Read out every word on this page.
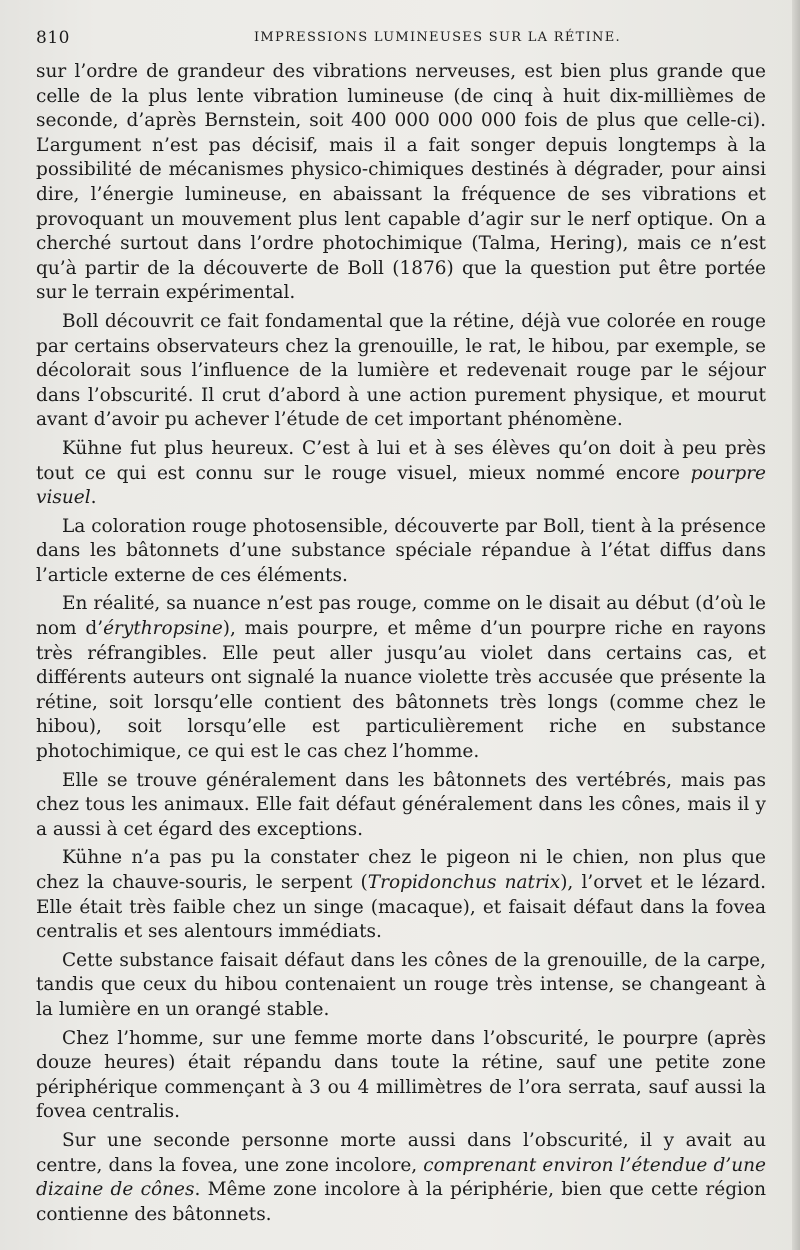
810	IMPRESSIONS LUMINEUSES SUR LA RÉTINE.

sur l’ordre de grandeur des vibrations nerveuses, est bien plus grande que celle de la plus lente vibration lumineuse (de cinq à huit dix-millièmes de seconde, d’après Bernstein, soit 400 000 000 000 fois de plus que celle-ci). L’argument n’est pas décisif, mais il a fait songer depuis longtemps à la possibilité de mécanismes physico-chimiques destinés à dégrader, pour ainsi dire, l’énergie lumineuse, en abaissant la fréquence de ses vibrations et provoquant un mouvement plus lent capable d’agir sur le nerf optique. On a cherché surtout dans l’ordre photochimique (Talma, Hering), mais ce n’est qu’à partir de la découverte de Boll (1876) que la question put être portée sur le terrain expérimental.

Boll découvrit ce fait fondamental que la rétine, déjà vue colorée en rouge par certains observateurs chez la grenouille, le rat, le hibou, par exemple, se décolorait sous l’influence de la lumière et redevenait rouge par le séjour dans l’obscurité. Il crut d’abord à une action purement physique, et mourut avant d’avoir pu achever l’étude de cet important phénomène.

Kühne fut plus heureux. C’est à lui et à ses élèves qu’on doit à peu près tout ce qui est connu sur le rouge visuel, mieux nommé encore pourpre visuel.

La coloration rouge photosensible, découverte par Boll, tient à la présence dans les bâtonnets d’une substance spéciale répandue à l’état diffus dans l’article externe de ces éléments.

En réalité, sa nuance n’est pas rouge, comme on le disait au début (d’où le nom d’érythropsine), mais pourpre, et même d’un pourpre riche en rayons très réfrangibles. Elle peut aller jusqu’au violet dans certains cas, et différents auteurs ont signalé la nuance violette très accusée que présente la rétine, soit lorsqu’elle contient des bâtonnets très longs (comme chez le hibou), soit lorsqu’elle est particulièrement riche en substance photochimique, ce qui est le cas chez l’homme.

Elle se trouve généralement dans les bâtonnets des vertébrés, mais pas chez tous les animaux. Elle fait défaut généralement dans les cônes, mais il y a aussi à cet égard des exceptions.

Kühne n’a pas pu la constater chez le pigeon ni le chien, non plus que chez la chauve-souris, le serpent (Tropidonchus natrix), l’orvet et le lézard. Elle était très faible chez un singe (macaque), et faisait défaut dans la fovea centralis et ses alentours immédiats.

Cette substance faisait défaut dans les cônes de la grenouille, de la carpe, tandis que ceux du hibou contenaient un rouge très intense, se changeant à la lumière en un orangé stable.

Chez l’homme, sur une femme morte dans l’obscurité, le pourpre (après douze heures) était répandu dans toute la rétine, sauf une petite zone périphérique commençant à 3 ou 4 millimètres de l’ora serrata, sauf aussi la fovea centralis.

Sur une seconde personne morte aussi dans l’obscurité, il y avait au centre, dans la fovea, une zone incolore, comprenant environ l’étendue d’une dizaine de cônes. Même zone incolore à la périphérie, bien que cette région contienne des bâtonnets.
